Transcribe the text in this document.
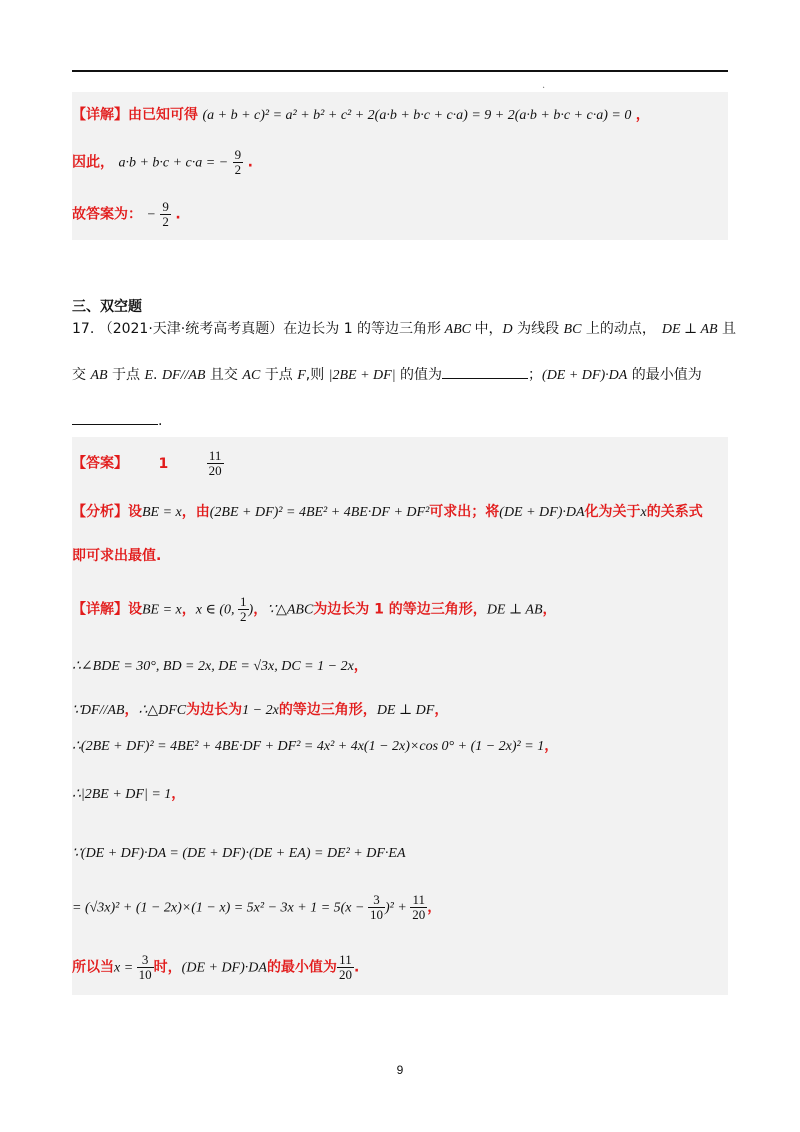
.
【详解】由已知可得 (a + b + c)² = a² + b² + c² + 2(a·b + b·c + c·a) = 9 + 2(a·b + b·c + c·a) = 0 ，
因此， a·b + b·c + c·a = − $\frac{9}{2}$ .
故答案为： − $\frac{9}{2}$ .
三、双空题
17. （2021·天津·统考高考真题）在边长为 1 的等边三角形 ABC 中，D 为线段 BC 上的动点， DE ⊥ AB 且
交 AB 于点 E. DF//AB 且交 AC 于点 F,则 |2BE + DF| 的值为	；(DE + DF)·DA 的最小值为
.
【答案】 1	$\frac{11}{20}$
【分析】设BE = x，由(2BE + DF)² = 4BE² + 4BE·DF + DF²可求出；将(DE + DF)·DA化为关于x的关系式
即可求出最值.
【详解】设BE = x，x ∈ (0, $\frac{1}{2}$ )，∵△ABC为边长为 1 的等边三角形，DE ⊥ AB，
∴∠BDE = 30°, BD = 2x, DE = √3x, DC = 1 − 2x，
∵DF//AB，∴△DFC为边长为1 − 2x的等边三角形，DE ⊥ DF，
∴(2BE + DF)² = 4BE² + 4BE·DF + DF² = 4x² + 4x(1 − 2x)×cos 0° + (1 − 2x)² = 1，
∴|2BE + DF| = 1，
∵(DE + DF)·DA = (DE + DF)·(DE + EA) = DE² + DF·EA
= $(√3x)^2 + (1 - 2x)\times(1 - x) = 5x^2 - 3x + 1 = 5(x - \frac{3}{10} )^2 + \frac{11}{20}$ ，
所以当$x = \frac{3}{10}$ 时，(DE + DF)·DA的最小值为 $\frac{11}{20}$ .
9
